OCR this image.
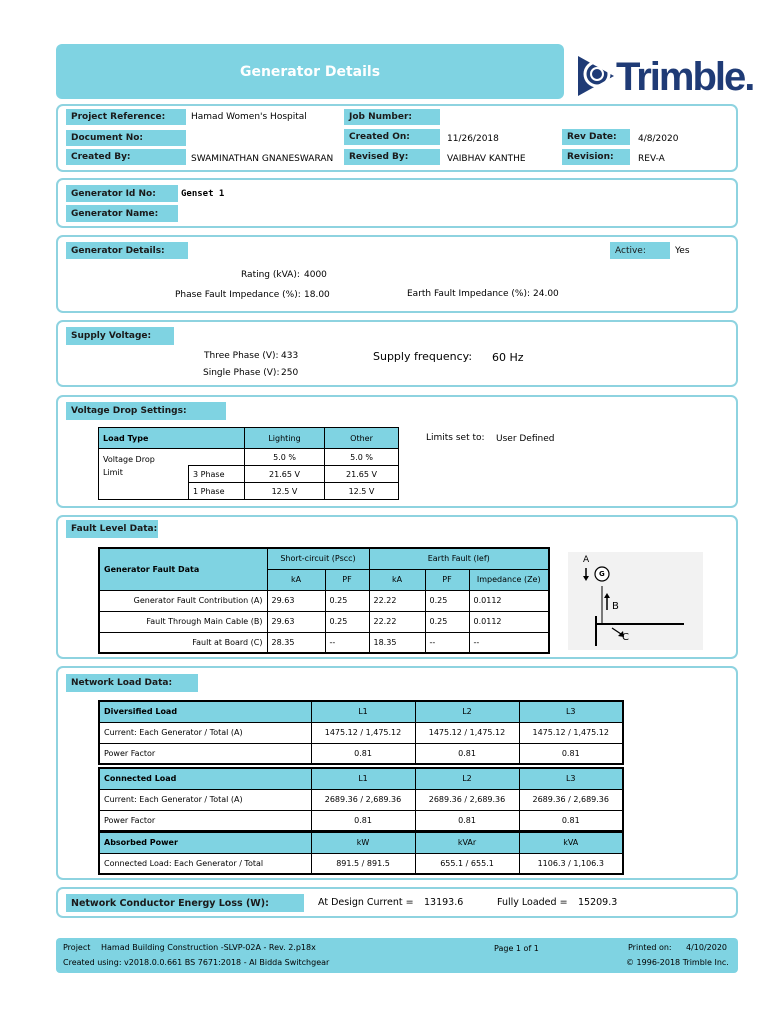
Generator Details	Trimble.
Project Reference:	Hamad Women's Hospital	Job Number:
Document No:	Created On:	11/26/2018	Rev Date:	4/8/2020
Created By:	SWAMINATHAN GNANESWARAN	Revised By:	VAIBHAV KANTHE	Revision:	REV-A
Generator Id No:	Genset 1
Generator Name:
Generator Details:	Active:	Yes
Rating (kVA): 4000
Phase Fault Impedance (%): 18.00	Earth Fault Impedance (%): 24.00
Supply Voltage:
Three Phase (V): 433	Supply frequency: 60 Hz
Single Phase (V): 250
Voltage Drop Settings:
Load Type		Lighting	Other
Voltage Drop
Limit		5.0 %	5.0 %
	3 Phase	21.65 V	21.65 V
	1 Phase	12.5 V	12.5 V
Limits set to: User Defined
Fault Level Data:
Generator Fault Data	Short-circuit (Pscc)		Earth Fault (Ief)		
	kA	PF	kA	PF	Impedance (Ze)
Generator Fault Contribution (A)	29.63	0.25	22.22	0.25	0.0112
Fault Through Main Cable (B)	29.63	0.25	22.22	0.25	0.0112
Fault at Board (C)	28.35	--	18.35	--	--
A
G
B
C
Network Load Data:
Diversified Load	L1	L2	L3
Current: Each Generator / Total (A)	1475.12 / 1,475.12	1475.12 / 1,475.12	1475.12 / 1,475.12
Power Factor	0.81	0.81	0.81
Connected Load	L1	L2	L3
Current: Each Generator / Total (A)	2689.36 / 2,689.36	2689.36 / 2,689.36	2689.36 / 2,689.36
Power Factor	0.81	0.81	0.81
Absorbed Power	kW	kVAr	kVA
Connected Load: Each Generator / Total	891.5 / 891.5	655.1 / 655.1	1106.3 / 1,106.3
Network Conductor Energy Loss (W):	At Design Current = 13193.6	Fully Loaded = 15209.3
Project Hamad Building Construction -SLVP-02A - Rev. 2.p18x
Created using: v2018.0.0.661 BS 7671:2018 - Al Bidda Switchgear
Page 1 of 1	Printed on: 4/10/2020
© 1996-2018 Trimble Inc.
